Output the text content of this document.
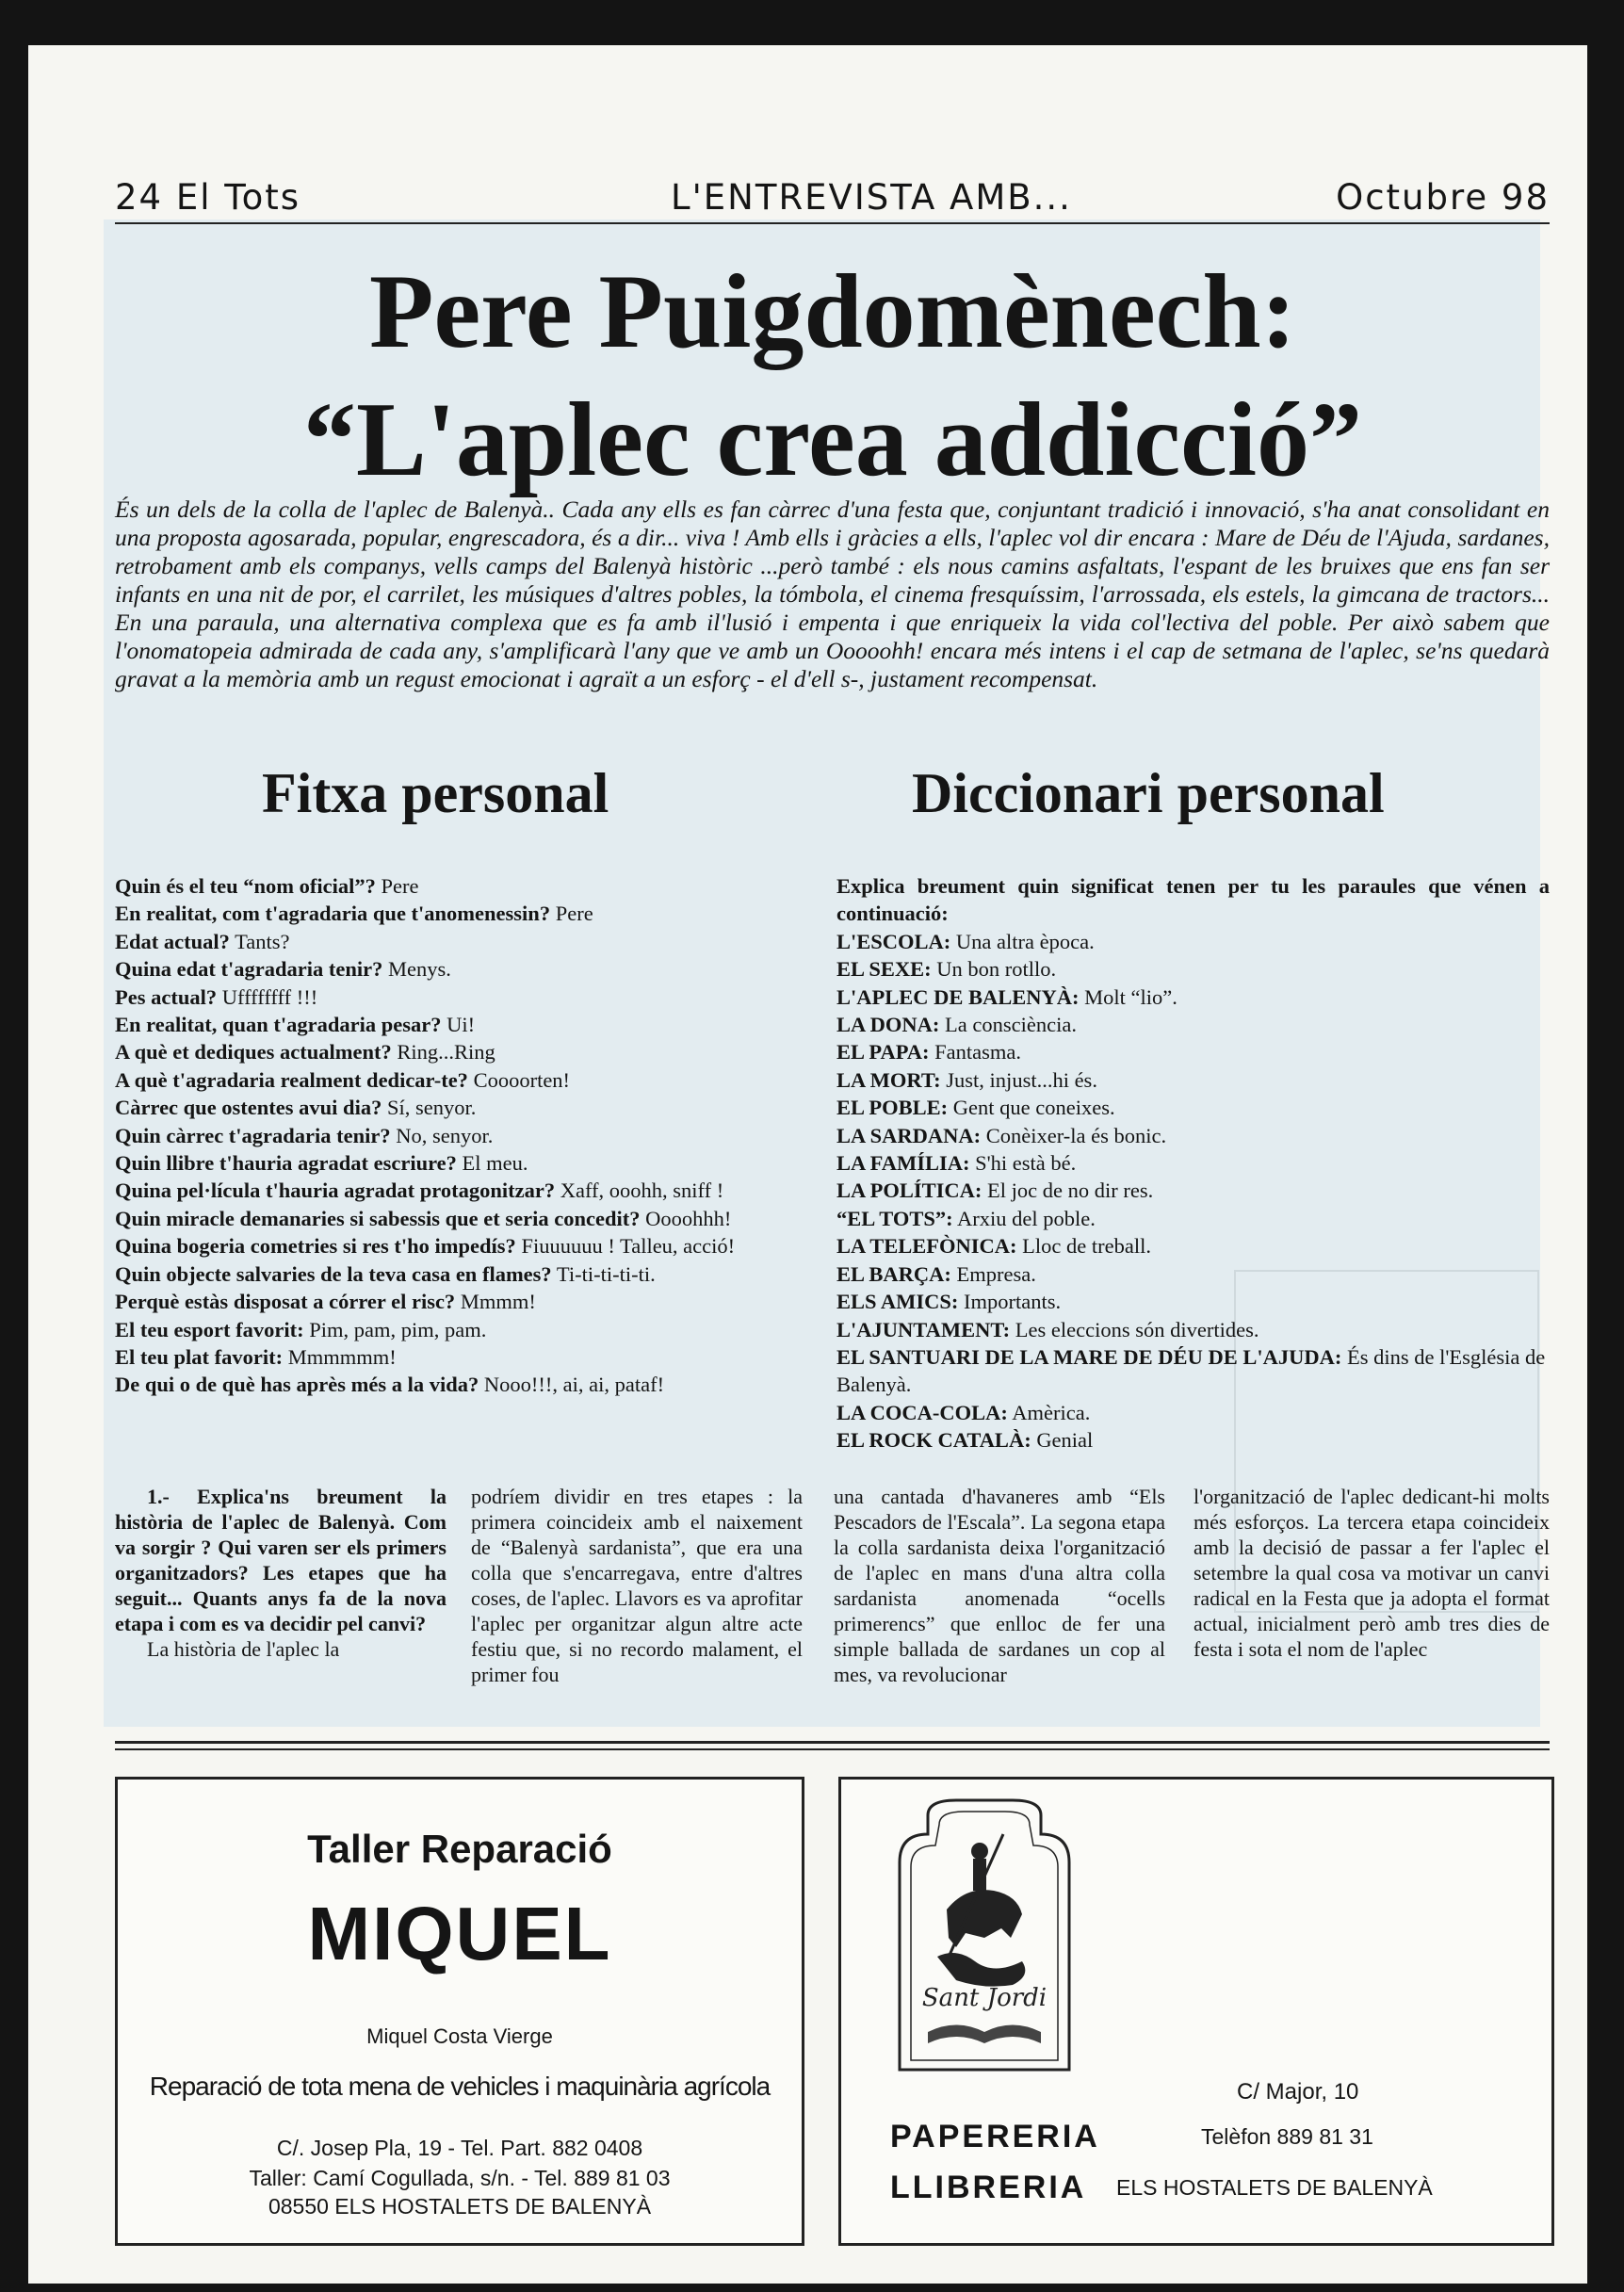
24 El Tots	L'ENTREVISTA AMB...	Octubre 98
Pere Puigdomènech:
“L'aplec crea addicció”
És un dels de la colla de l'aplec de Balenyà.. Cada any ells es fan càrrec d'una festa que, conjuntant tradició i innovació, s'ha anat consolidant en una proposta agosarada, popular, engrescadora, és a dir... viva ! Amb ells i gràcies a ells, l'aplec vol dir encara : Mare de Déu de l'Ajuda, sardanes, retrobament amb els companys, vells camps del Balenyà històric ...però també : els nous camins asfaltats, l'espant de les bruixes que ens fan ser infants en una nit de por, el carrilet, les músiques d'altres pobles, la tómbola, el cinema fresquíssim, l'arrossada, els estels, la gimcana de tractors... En una paraula, una alternativa complexa que es fa amb il'lusió i empenta i que enriqueix la vida col'lectiva del poble. Per això sabem que l'onomatopeia admirada de cada any, s'amplificarà l'any que ve amb un Ooooohh! encara més intens i el cap de setmana de l'aplec, se'ns quedarà gravat a la memòria amb un regust emocionat i agraït a un esforç - el d'ell s-, justament recompensat.
Fitxa personal	Diccionari personal
Quin és el teu “nom oficial”? Pere
En realitat, com t'agradaria que t'anomenessin? Pere
Edat actual? Tants?
Quina edat t'agradaria tenir? Menys.
Pes actual? Uffffffff !!!
En realitat, quan t'agradaria pesar? Ui!
A què et dediques actualment? Ring...Ring
A què t'agradaria realment dedicar-te? Coooorten!
Càrrec que ostentes avui dia? Sí, senyor.
Quin càrrec t'agradaria tenir? No, senyor.
Quin llibre t'hauria agradat escriure? El meu.
Quina pel·lícula t'hauria agradat protagonitzar? Xaff, ooohh, sniff !
Quin miracle demanaries si sabessis que et seria concedit? Oooohhh!
Quina bogeria cometries si res t'ho impedís? Fiuuuuuu ! Talleu, acció!
Quin objecte salvaries de la teva casa en flames? Ti-ti-ti-ti-ti.
Perquè estàs disposat a córrer el risc? Mmmm!
El teu esport favorit: Pim, pam, pim, pam.
El teu plat favorit: Mmmmmm!
De qui o de què has après més a la vida? Nooo!!!, ai, ai, pataf!
Explica breument quin significat tenen per tu les paraules que vénen a continuació:
L'ESCOLA: Una altra època.
EL SEXE: Un bon rotllo.
L'APLEC DE BALENYÀ: Molt “lio”.
LA DONA: La consciència.
EL PAPA: Fantasma.
LA MORT: Just, injust...hi és.
EL POBLE: Gent que coneixes.
LA SARDANA: Conèixer-la és bonic.
LA FAMÍLIA: S'hi està bé.
LA POLÍTICA: El joc de no dir res.
“EL TOTS”: Arxiu del poble.
LA TELEFÒNICA: Lloc de treball.
EL BARÇA: Empresa.
ELS AMICS: Importants.
L'AJUNTAMENT: Les eleccions són divertides.
EL SANTUARI DE LA MARE DE DÉU DE L'AJUDA: És dins de l'Església de Balenyà.
LA COCA-COLA: Amèrica.
EL ROCK CATALÀ: Genial
1.- Explica'ns breument la història de l'aplec de Balenyà. Com va sorgir ? Qui varen ser els primers organitzadors? Les etapes que ha seguit... Quants anys fa de la nova etapa i com es va decidir pel canvi?
La història de l'aplec la
podríem dividir en tres etapes : la primera coincideix amb el naixement de “Balenyà sardanista”, que era una colla que s'encarregava, entre d'altres coses, de l'aplec. Llavors es va aprofitar l'aplec per organitzar algun altre acte festiu que, si no recordo malament, el primer fou
una cantada d'havaneres amb “Els Pescadors de l'Escala”. La segona etapa la colla sardanista deixa l'organització de l'aplec en mans d'una altra colla sardanista anomenada “ocells primerencs” que enlloc de fer una simple ballada de sardanes un cop al mes, va revolucionar
l'organització de l'aplec dedicant-hi molts més esforços. La tercera etapa coincideix amb la decisió de passar a fer l'aplec el setembre la qual cosa va motivar un canvi radical en la Festa que ja adopta el format actual, inicialment però amb tres dies de festa i sota el nom de l'aplec
Taller Reparació
MIQUEL
Miquel Costa Vierge
Reparació de tota mena de vehicles i maquinària agrícola
C/. Josep Pla, 19 - Tel. Part. 882 0408
Taller: Camí Cogullada, s/n. - Tel. 889 81 03
08550 ELS HOSTALETS DE BALENYÀ
Sant Jordi
C/ Major, 10
PAPERERIA	Telèfon 889 81 31
LLIBRERIA ELS HOSTALETS DE BALENYÀ
